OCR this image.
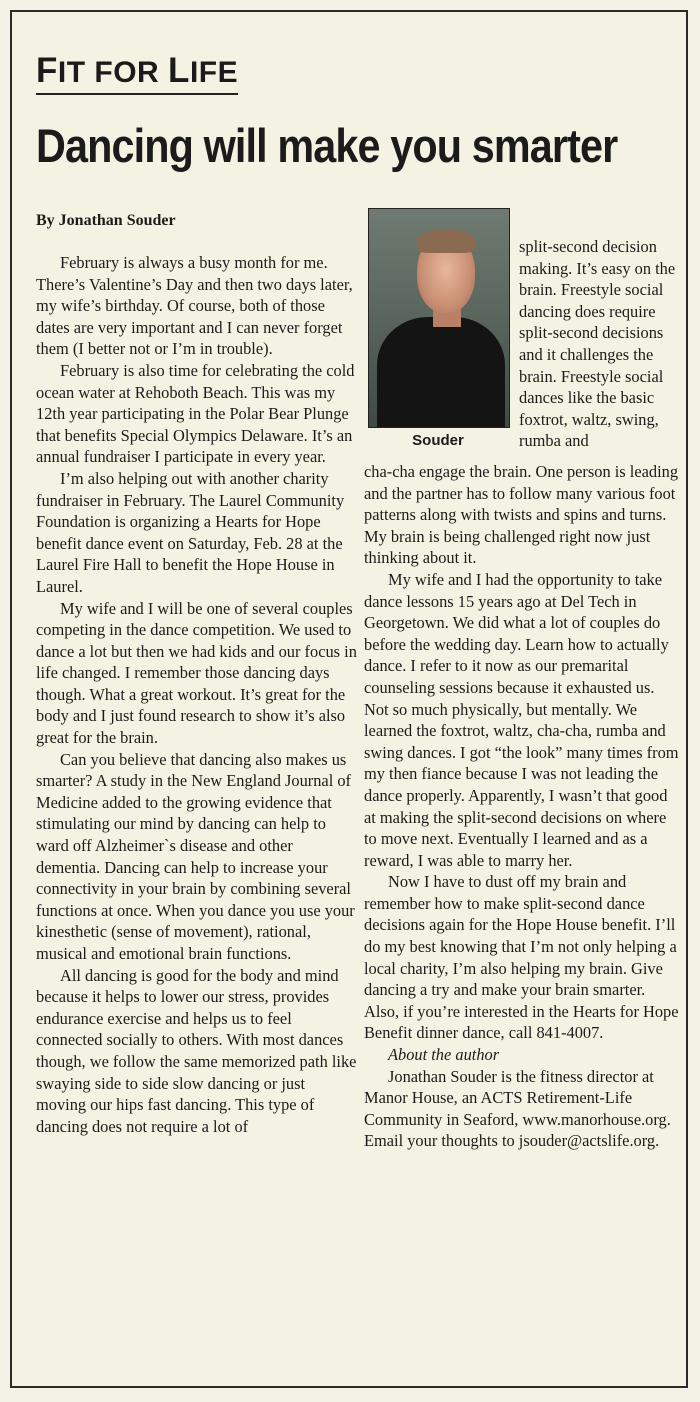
FIT FOR LIFE
Dancing will make you smarter
By Jonathan Souder

February is always a busy month for me. There’s Valentine’s Day and then two days later, my wife’s birthday. Of course, both of those dates are very important and I can never forget them (I better not or I’m in trouble).

February is also time for celebrating the cold ocean water at Rehoboth Beach. This was my 12th year participating in the Polar Bear Plunge that benefits Special Olympics Delaware. It’s an annual fundraiser I participate in every year.

I’m also helping out with another charity fundraiser in February. The Laurel Community Foundation is organizing a Hearts for Hope benefit dance event on Saturday, Feb. 28 at the Laurel Fire Hall to benefit the Hope House in Laurel.

My wife and I will be one of several couples competing in the dance competition. We used to dance a lot but then we had kids and our focus in life changed. I remember those dancing days though. What a great workout. It’s great for the body and I just found research to show it’s also great for the brain.

Can you believe that dancing also makes us smarter? A study in the New England Journal of Medicine added to the growing evidence that stimulating our mind by dancing can help to ward off Alzheimer`s disease and other dementia. Dancing can help to increase your connectivity in your brain by combining several functions at once. When you dance you use your kinesthetic (sense of movement), rational, musical and emotional brain functions.

All dancing is good for the body and mind because it helps to lower our stress, provides endurance exercise and helps us to feel connected socially to others. With most dances though, we follow the same memorized path like swaying side to side slow dancing or just moving our hips fast dancing. This type of dancing does not require a lot of

Souder

split-second decision making. It’s easy on the brain. Freestyle social dancing does require split-second decisions and it challenges the brain. Freestyle social dances like the basic foxtrot, waltz, swing, rumba and

cha-cha engage the brain. One person is leading and the partner has to follow many various foot patterns along with twists and spins and turns. My brain is being challenged right now just thinking about it.

My wife and I had the opportunity to take dance lessons 15 years ago at Del Tech in Georgetown. We did what a lot of couples do before the wedding day. Learn how to actually dance. I refer to it now as our premarital counseling sessions because it exhausted us. Not so much physically, but mentally. We learned the foxtrot, waltz, cha-cha, rumba and swing dances. I got “the look” many times from my then fiance because I was not leading the dance properly. Apparently, I wasn’t that good at making the split-second decisions on where to move next. Eventually I learned and as a reward, I was able to marry her.

Now I have to dust off my brain and remember how to make split-second dance decisions again for the Hope House benefit. I’ll do my best knowing that I’m not only helping a local charity, I’m also helping my brain. Give dancing a try and make your brain smarter. Also, if you’re interested in the Hearts for Hope Benefit dinner dance, call 841-4007.

About the author

Jonathan Souder is the fitness director at Manor House, an ACTS Retirement-Life Community in Seaford, www.manorhouse.org. Email your thoughts to jsouder@actslife.org.
